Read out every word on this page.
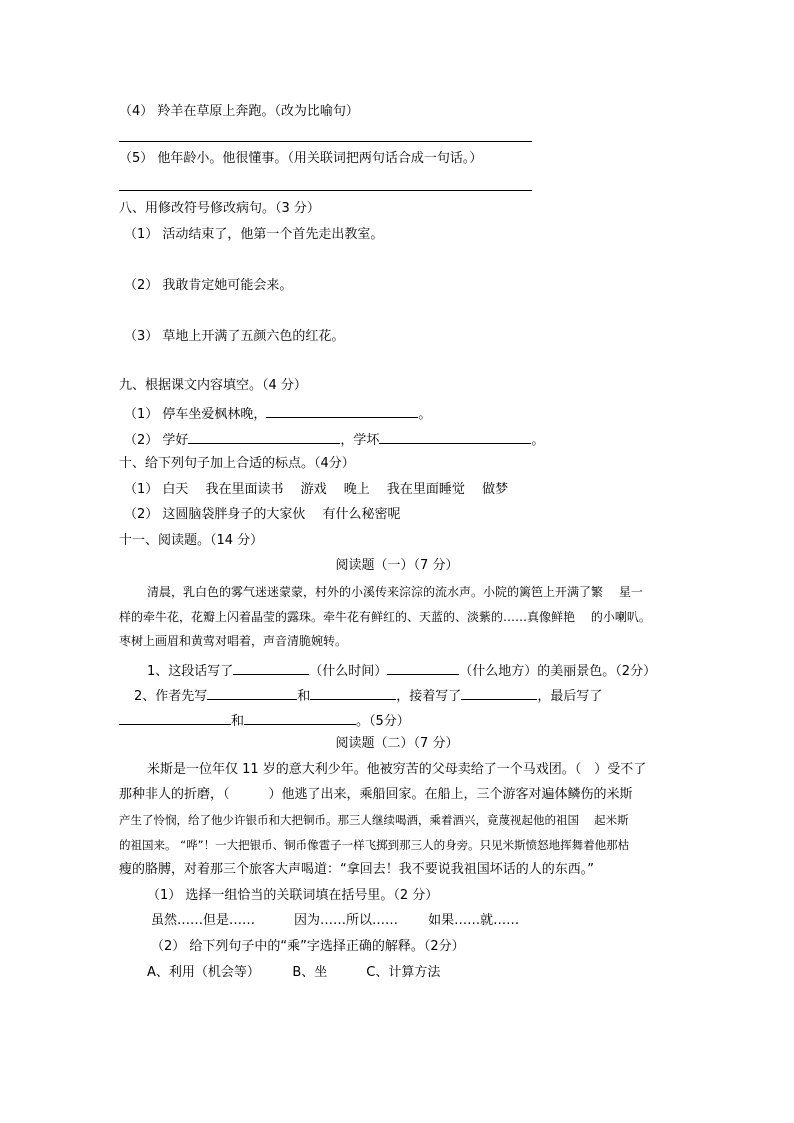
（4） 羚羊在草原上奔跑。（改为比喻句）
（5） 他年龄小。他很懂事。（用关联词把两句话合成一句话。）
八、用修改符号修改病句。（3 分）
（1） 活动结束了，他第一个首先走出教室。
（2） 我敢肯定她可能会来。
（3） 草地上开满了五颜六色的红花。
九、根据课文内容填空。（4 分）
（1） 停车坐爱枫林晚，	。
（2） 学好	，学坏	。
十、给下列句子加上合适的标点。（4分）
（1） 白天　 我在里面读书　 游戏　 晚上　 我在里面睡觉　 做梦
（2） 这圆脑袋胖身子的大家伙　 有什么秘密呢
十一、阅读题。（14 分）
阅读题（一）（7 分）
清晨，乳白色的雾气迷迷蒙蒙，村外的小溪传来淙淙的流水声。小院的篱笆上开满了繁　 星一
样的牵牛花，花瓣上闪着晶莹的露珠。牵牛花有鲜红的、天蓝的、淡紫的……真像鲜艳　 的小喇叭。
枣树上画眉和黄莺对唱着，声音清脆婉转。
1、这段话写了	（什么时间）	（什么地方）的美丽景色。（2分）
2、作者先写	和	，接着写了	，最后写了
和	。（5分）
阅读题（二）（7 分）
米斯是一位年仅 11 岁的意大利少年。他被穷苦的父母卖给了一个马戏团。（　）受不了
那种非人的折磨，（　　　）他逃了出来，乘船回家。在船上，三个游客对遍体鳞伤的米斯
产生了怜悯，给了他少许银币和大把铜币。那三人继续喝酒，乘着酒兴，竟蔑视起他的祖国　 起米斯
的祖国来。 “哗”！一大把银币、铜币像雹子一样飞掷到那三人的身旁。只见米斯愤怒地挥舞着他那枯
瘦的胳膊，对着那三个旅客大声喝道：“拿回去！我不要说我祖国坏话的人的东西。”
（1） 选择一组恰当的关联词填在括号里。（2 分）
虽然……但是……　　　因为……所以……　　 如果……就……
（2） 给下列句子中的“乘”字选择正确的解释。（2分）
A、利用（机会等）　　　B、坐　　　C、计算方法
